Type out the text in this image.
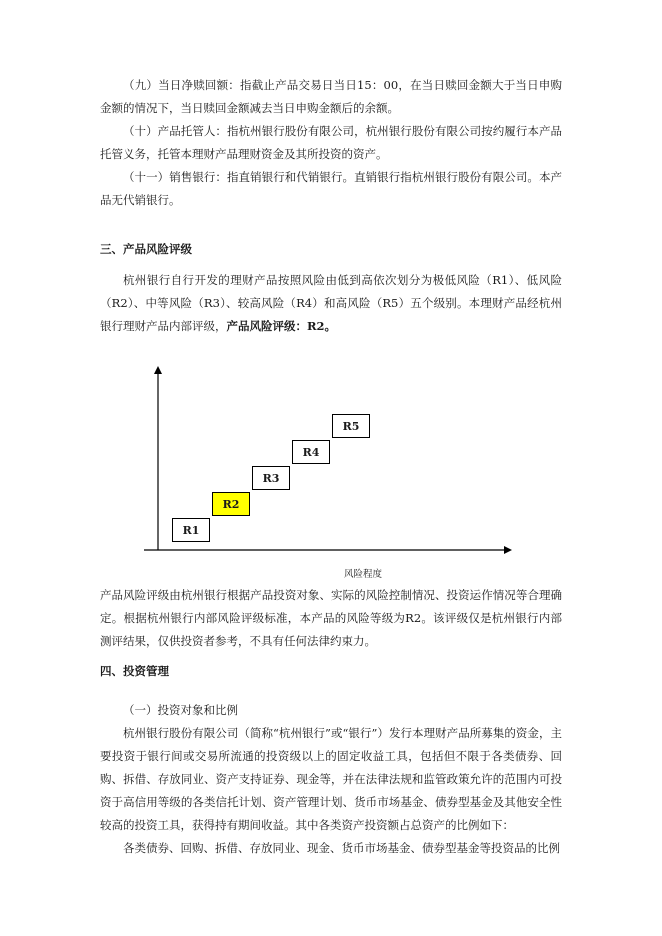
（九）当日净赎回额：指截止产品交易日当日15：00，在当日赎回金额大于当日申购金额的情况下，当日赎回金额减去当日申购金额后的余额。

（十）产品托管人：指杭州银行股份有限公司，杭州银行股份有限公司按约履行本产品托管义务，托管本理财产品理财资金及其所投资的资产。

（十一）销售银行：指直销银行和代销银行。直销银行指杭州银行股份有限公司。本产品无代销银行。

三、产品风险评级

杭州银行自行开发的理财产品按照风险由低到高依次划分为极低风险（R1）、低风险（R2）、中等风险（R3）、较高风险（R4）和高风险（R5）五个级别。本理财产品经杭州银行理财产品内部评级，产品风险评级：R2。

R1
R2
R3
R4
R5
风险程度

产品风险评级由杭州银行根据产品投资对象、实际的风险控制情况、投资运作情况等合理确定。根据杭州银行内部风险评级标准，本产品的风险等级为R2。该评级仅是杭州银行内部测评结果，仅供投资者参考，不具有任何法律约束力。

四、投资管理

（一）投资对象和比例

杭州银行股份有限公司（简称“杭州银行”或“银行”）发行本理财产品所募集的资金，主要投资于银行间或交易所流通的投资级以上的固定收益工具，包括但不限于各类债券、回购、拆借、存放同业、资产支持证券、现金等，并在法律法规和监管政策允许的范围内可投资于高信用等级的各类信托计划、资产管理计划、货币市场基金、债券型基金及其他安全性较高的投资工具，获得持有期间收益。其中各类资产投资额占总资产的比例如下：

各类债券、回购、拆借、存放同业、现金、货币市场基金、债券型基金等投资品的比例
